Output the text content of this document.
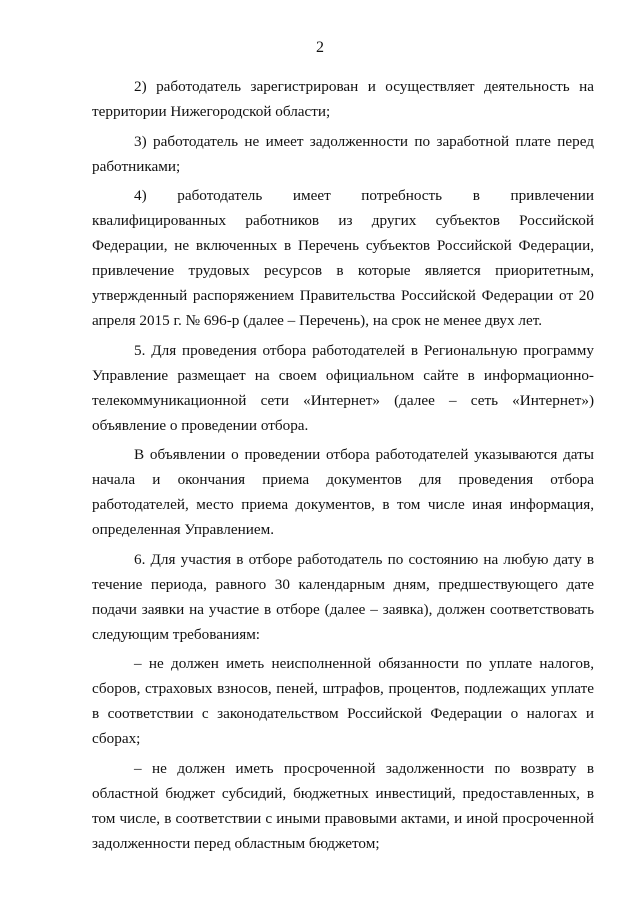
2

2) работодатель зарегистрирован и осуществляет деятельность на территории Нижегородской области;

3) работодатель не имеет задолженности по заработной плате перед работниками;

4) работодатель имеет потребность в привлечении квалифицированных работников из других субъектов Российской Федерации, не включенных в Перечень субъектов Российской Федерации, привлечение трудовых ресурсов в которые является приоритетным, утвержденный распоряжением Правительства Российской Федерации от 20 апреля 2015 г. № 696-р (далее – Перечень), на срок не менее двух лет.

5. Для проведения отбора работодателей в Региональную программу Управление размещает на своем официальном сайте в информационно-телекоммуникационной сети «Интернет» (далее – сеть «Интернет») объявление о проведении отбора.

В объявлении о проведении отбора работодателей указываются даты начала и окончания приема документов для проведения отбора работодателей, место приема документов, в том числе иная информация, определенная Управлением.

6. Для участия в отборе работодатель по состоянию на любую дату в течение периода, равного 30 календарным дням, предшествующего дате подачи заявки на участие в отборе (далее – заявка), должен соответствовать следующим требованиям:

– не должен иметь неисполненной обязанности по уплате налогов, сборов, страховых взносов, пеней, штрафов, процентов, подлежащих уплате в соответствии с законодательством Российской Федерации о налогах и сборах;

– не должен иметь просроченной задолженности по возврату в областной бюджет субсидий, бюджетных инвестиций, предоставленных, в том числе, в соответствии с иными правовыми актами, и иной просроченной задолженности перед областным бюджетом;
